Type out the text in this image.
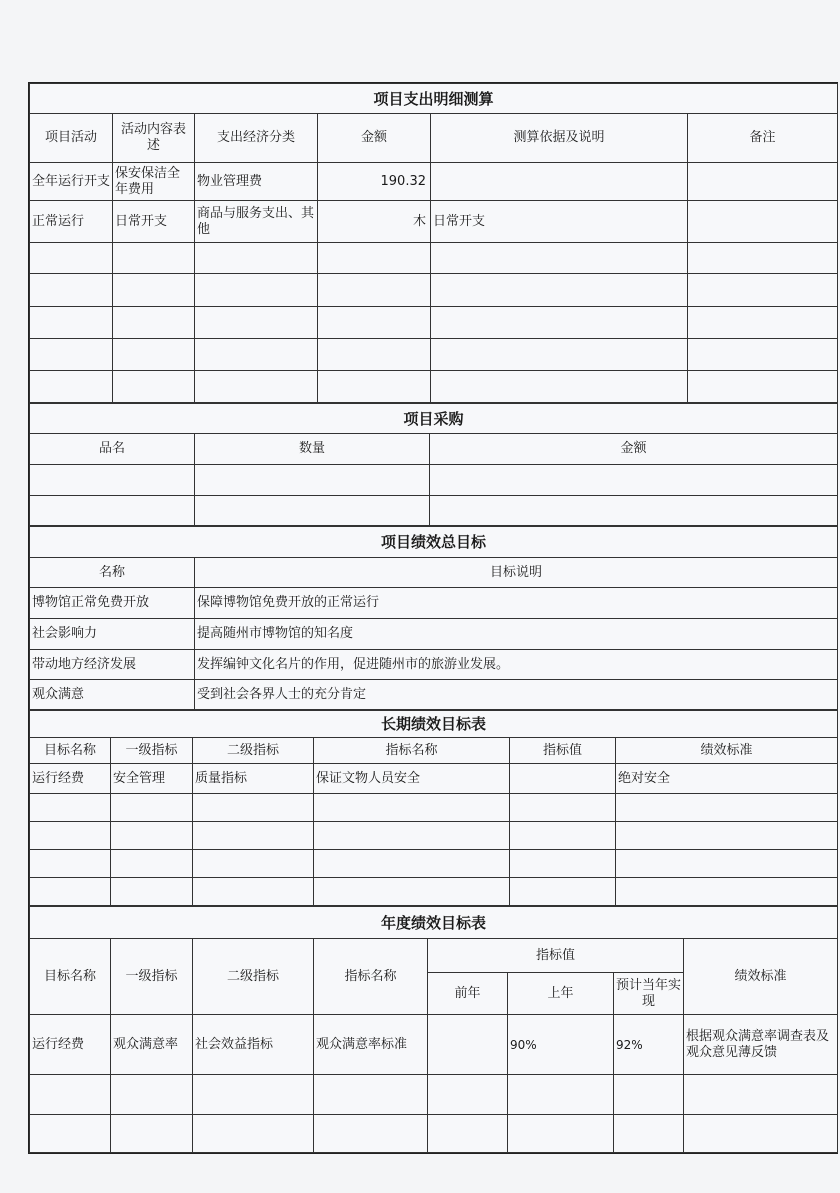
项目支出明细测算					
项目活动	活动内容表述	支出经济分类	金额	测算依据及说明	备注
全年运行开支	保安保洁全年费用	物业管理费	190.32		
正常运行	日常开支	商品与服务支出、其他	木	日常开支	

项目采购		
品名	数量	金额

项目绩效总目标	
名称	目标说明
博物馆正常免费开放	保障博物馆免费开放的正常运行
社会影响力	提高随州市博物馆的知名度
带动地方经济发展	发挥编钟文化名片的作用，促进随州市的旅游业发展。
观众满意	受到社会各界人士的充分肯定
长期绩效目标表					
目标名称	一级指标	二级指标	指标名称	指标值	绩效标准
运行经费	安全管理	质量指标	保证文物人员安全		绝对安全

年度绩效目标表							
目标名称	一级指标	二级指标	指标名称	指标值			绩效标准
				前年	上年	预计当年实现	
运行经费	观众满意率	社会效益指标	观众满意率标准		90%	92%	根据观众满意率调查表及观众意见薄反馈
